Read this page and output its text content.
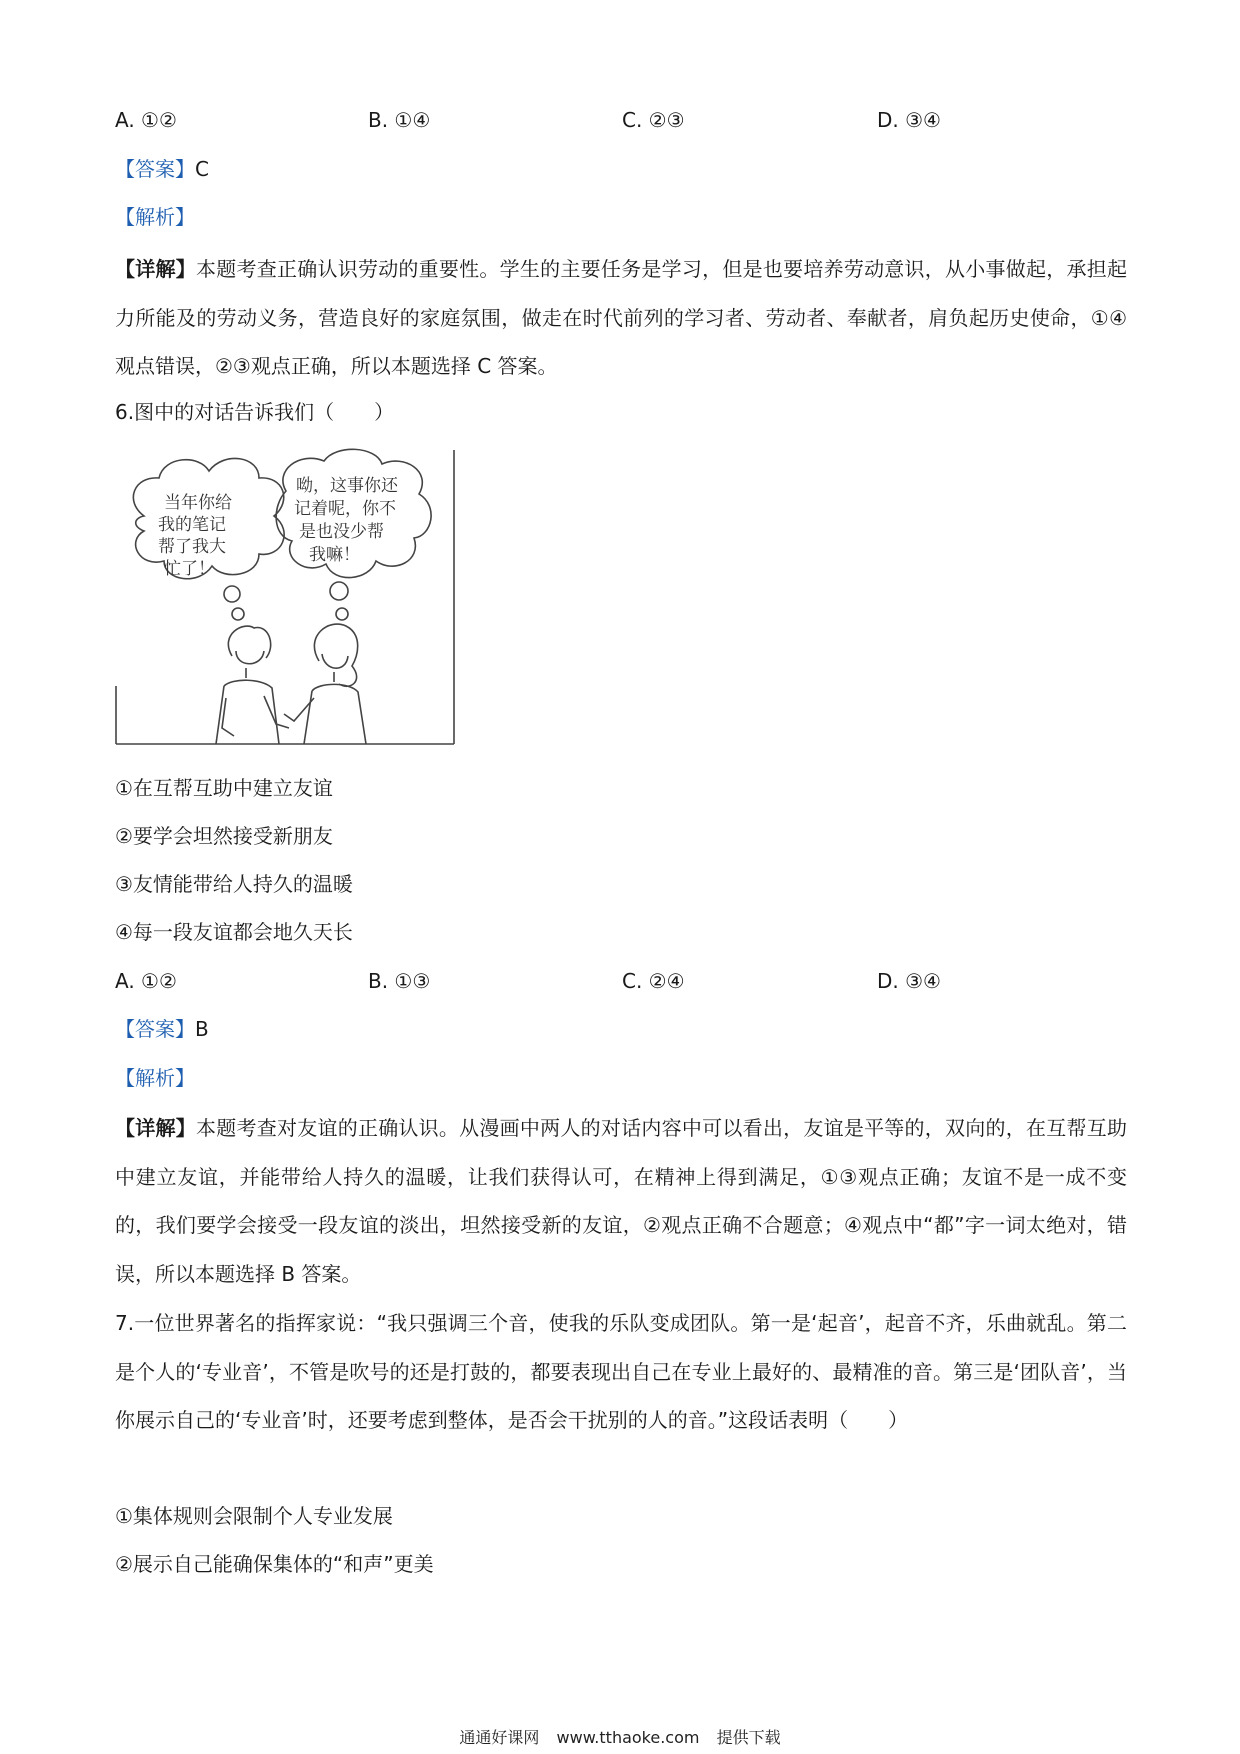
A. ①②	B. ①④	C. ②③	D. ③④
【答案】C
【解析】
【详解】本题考查正确认识劳动的重要性。学生的主要任务是学习，但是也要培养劳动意识，从小事做起，承担起力所能及的劳动义务，营造良好的家庭氛围，做走在时代前列的学习者、劳动者、奉献者，肩负起历史使命，①④观点错误，②③观点正确，所以本题选择 C 答案。
6.图中的对话告诉我们（　　）
当年你给
我的笔记
帮了我大
忙了！
呦，这事你还
记着呢，你不
是也没少帮
我嘛！
①在互帮互助中建立友谊
②要学会坦然接受新朋友
③友情能带给人持久的温暖
④每一段友谊都会地久天长
A. ①②	B. ①③	C. ②④	D. ③④
【答案】B
【解析】
【详解】本题考查对友谊的正确认识。从漫画中两人的对话内容中可以看出，友谊是平等的，双向的，在互帮互助中建立友谊，并能带给人持久的温暖，让我们获得认可，在精神上得到满足，①③观点正确；友谊不是一成不变的，我们要学会接受一段友谊的淡出，坦然接受新的友谊，②观点正确不合题意；④观点中“都”字一词太绝对，错误，所以本题选择 B 答案。
7.一位世界著名的指挥家说：“我只强调三个音，使我的乐队变成团队。第一是‘起音’，起音不齐，乐曲就乱。第二是个人的‘专业音’，不管是吹号的还是打鼓的，都要表现出自己在专业上最好的、最精准的音。第三是‘团队音’，当你展示自己的‘专业音’时，还要考虑到整体，是否会干扰别的人的音。”这段话表明（　　）
①集体规则会限制个人专业发展
②展示自己能确保集体的“和声”更美
通通好课网 www.tthaoke.com 提供下载
